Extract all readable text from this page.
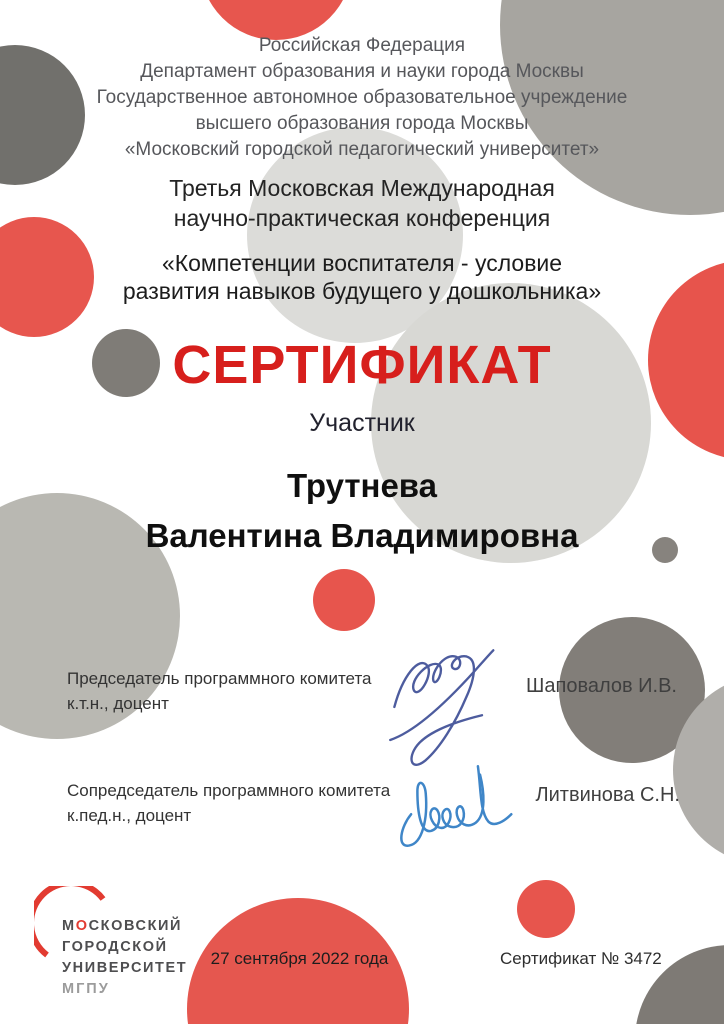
Российская Федерация
Департамент образования и науки города Москвы
Государственное автономное образовательное учреждение
высшего образования города Москвы
«Московский городской педагогический университет»
Третья Московская Международная
научно-практическая конференция
«Компетенции воспитателя - условие
развития навыков будущего у дошкольника»
СЕРТИФИКАТ
Участник
Трутнева
Валентина Владимировна
Председатель программного комитета
к.т.н., доцент
Шаповалов И.В.
Сопредседатель программного комитета
к.пед.н., доцент
Литвинова С.Н.
МОСКОВСКИЙ
ГОРОДСКОЙ
УНИВЕРСИТЕТ
МГПУ
27 сентября 2022 года	Сертификат № 3472
